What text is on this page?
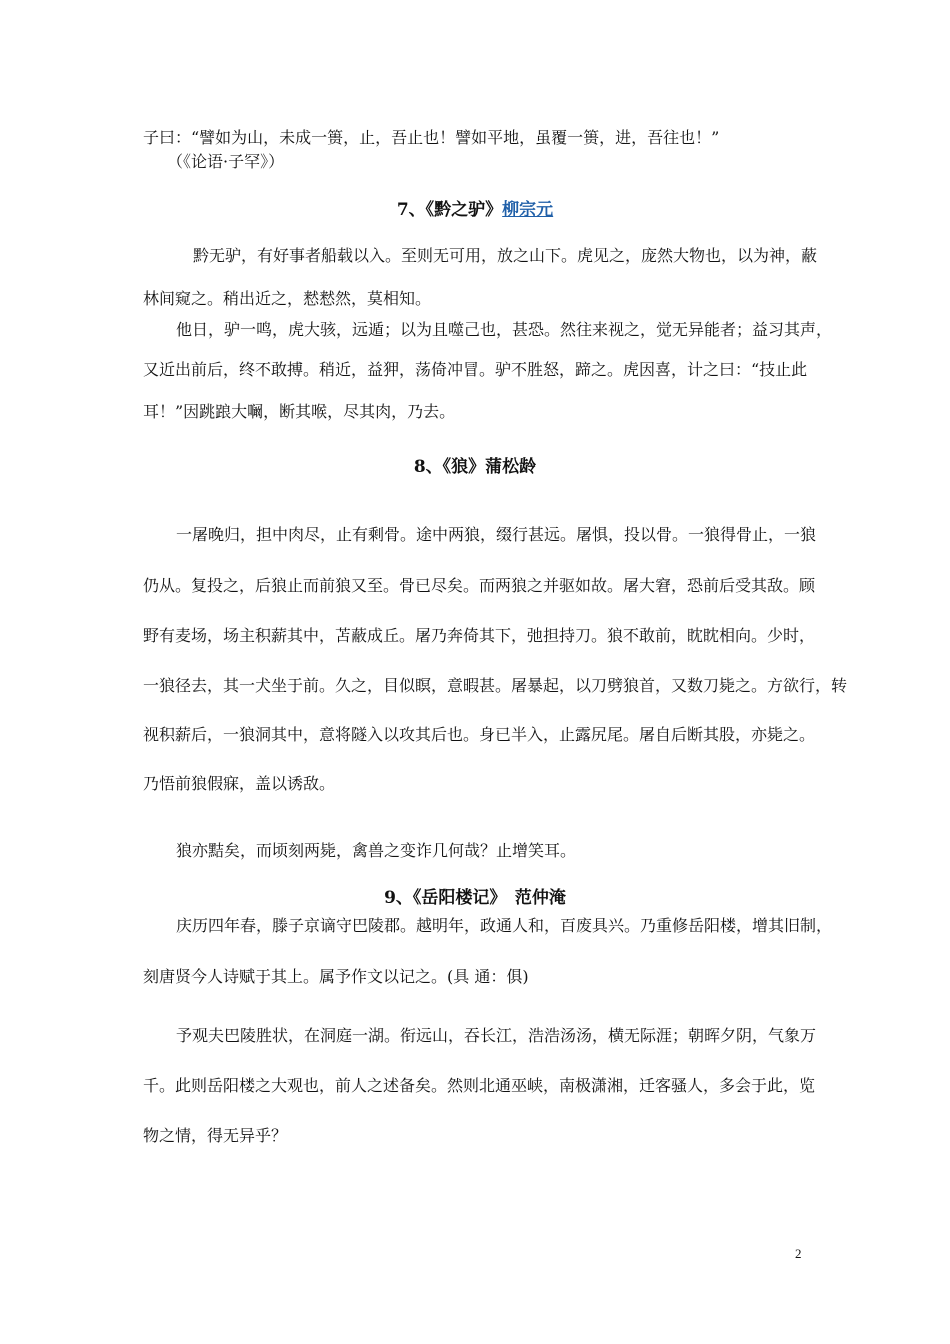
子曰：“譬如为山，未成一篑，止，吾止也！譬如平地，虽覆一篑，进，吾往也！”
（《论语·子罕》）
7、《黔之驴》柳宗元
黔无驴，有好事者船载以入。至则无可用，放之山下。虎见之，庞然大物也，以为神，蔽
林间窥之。稍出近之，慭慭然，莫相知。
他日，驴一鸣，虎大骇，远遁；以为且噬己也，甚恐。然往来视之，觉无异能者；益习其声，
又近出前后，终不敢搏。稍近，益狎，荡倚冲冒。驴不胜怒，蹄之。虎因喜，计之曰：“技止此
耳！”因跳踉大㘎，断其喉，尽其肉，乃去。
8、《狼》蒲松龄
一屠晚归，担中肉尽，止有剩骨。途中两狼，缀行甚远。屠惧，投以骨。一狼得骨止，一狼
仍从。复投之，后狼止而前狼又至。骨已尽矣。而两狼之并驱如故。屠大窘，恐前后受其敌。顾
野有麦场，场主积薪其中，苫蔽成丘。屠乃奔倚其下，弛担持刀。狼不敢前，眈眈相向。少时，
一狼径去，其一犬坐于前。久之，目似瞑，意暇甚。屠暴起，以刀劈狼首，又数刀毙之。方欲行，转
视积薪后，一狼洞其中，意将隧入以攻其后也。身已半入，止露尻尾。屠自后断其股，亦毙之。
乃悟前狼假寐，盖以诱敌。
狼亦黠矣，而顷刻两毙，禽兽之变诈几何哉？止增笑耳。
9、《岳阳楼记》　范仲淹
庆历四年春，滕子京谪守巴陵郡。越明年，政通人和，百废具兴。乃重修岳阳楼，增其旧制，
刻唐贤今人诗赋于其上。属予作文以记之。(具 通：俱)
予观夫巴陵胜状，在洞庭一湖。衔远山，吞长江，浩浩汤汤，横无际涯；朝晖夕阴，气象万
千。此则岳阳楼之大观也，前人之述备矣。然则北通巫峡，南极潇湘，迁客骚人，多会于此，览
物之情，得无异乎？
2
